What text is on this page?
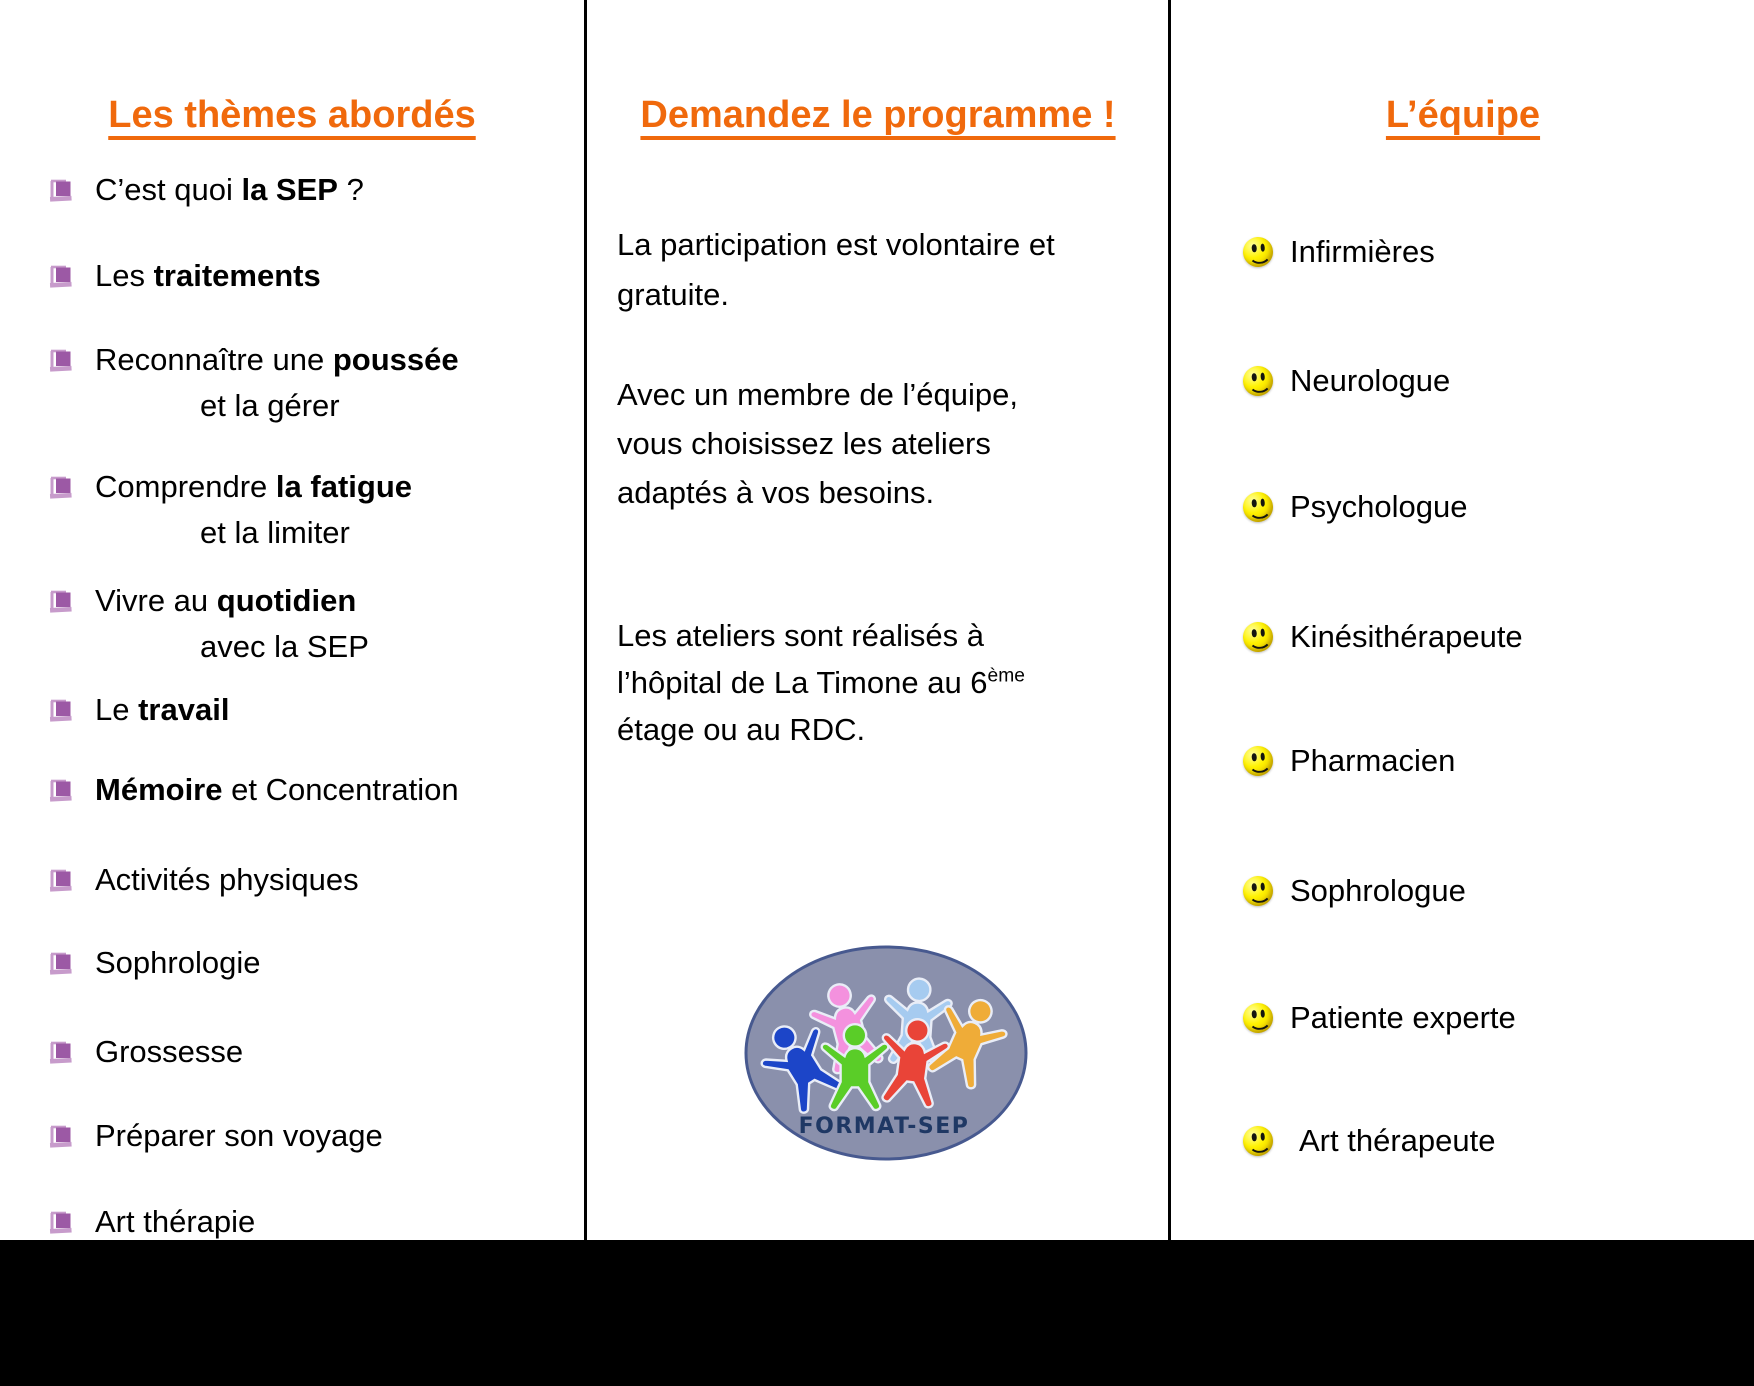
Les thèmes abordés
C’est quoi la SEP ?
Les traitements
Reconnaître une poussée
et la gérer
Comprendre la fatigue
et la limiter
Vivre au quotidien
avec la SEP
Le travail
Mémoire et Concentration
Activités physiques
Sophrologie
Grossesse
Préparer son voyage
Art thérapie
Demandez le programme !
La participation est volontaire et
gratuite.
Avec un membre de l’équipe,
vous choisissez les ateliers
adaptés à vos besoins.
Les ateliers sont réalisés à
l’hôpital de La Timone au 6ème
étage ou au RDC.
FORMAT-SEP
L’équipe
Infirmières
Neurologue
Psychologue
Kinésithérapeute
Pharmacien
Sophrologue
Patiente experte
Art thérapeute
